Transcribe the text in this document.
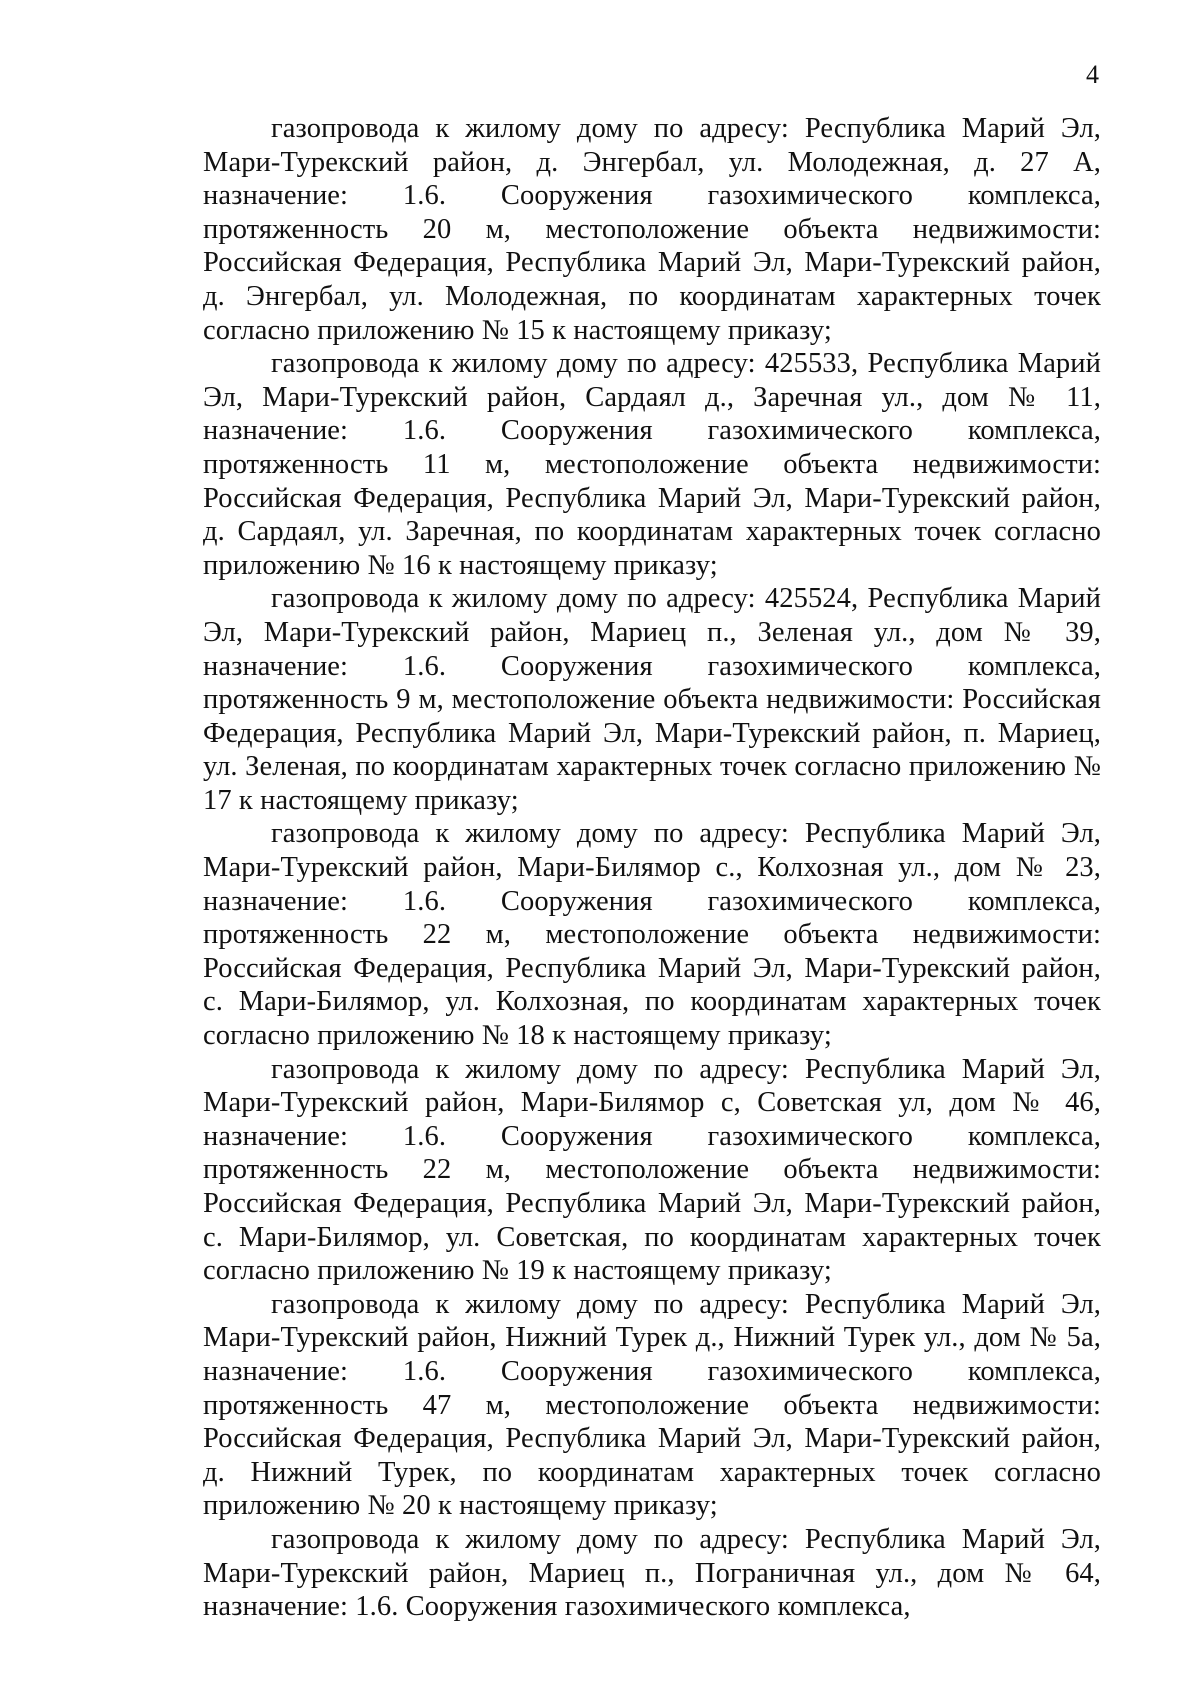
4

газопровода к жилому дому по адресу: Республика Марий Эл, Мари-Турекский район, д. Энгербал, ул. Молодежная, д. 27 А, назначение: 1.6. Сооружения газохимического комплекса, протяженность 20 м, местоположение объекта недвижимости: Российская Федерация, Республика Марий Эл, Мари-Турекский район, д. Энгербал, ул. Молодежная, по координатам характерных точек согласно приложению № 15 к настоящему приказу;

газопровода к жилому дому по адресу: 425533, Республика Марий Эл, Мари-Турекский район, Сардаял д., Заречная ул., дом № 11, назначение: 1.6. Сооружения газохимического комплекса, протяженность 11 м, местоположение объекта недвижимости: Российская Федерация, Республика Марий Эл, Мари-Турекский район, д. Сардаял, ул. Заречная, по координатам характерных точек согласно приложению № 16 к настоящему приказу;

газопровода к жилому дому по адресу: 425524, Республика Марий Эл, Мари-Турекский район, Мариец п., Зеленая ул., дом № 39, назначение: 1.6. Сооружения газохимического комплекса, протяженность 9 м, местоположение объекта недвижимости: Российская Федерация, Республика Марий Эл, Мари-Турекский район, п. Мариец, ул. Зеленая, по координатам характерных точек согласно приложению № 17 к настоящему приказу;

газопровода к жилому дому по адресу: Республика Марий Эл, Мари-Турекский район, Мари-Билямор с., Колхозная ул., дом № 23, назначение: 1.6. Сооружения газохимического комплекса, протяженность 22 м, местоположение объекта недвижимости: Российская Федерация, Республика Марий Эл, Мари-Турекский район, с. Мари-Билямор, ул. Колхозная, по координатам характерных точек согласно приложению № 18 к настоящему приказу;

газопровода к жилому дому по адресу: Республика Марий Эл, Мари-Турекский район, Мари-Билямор с, Советская ул, дом № 46, назначение: 1.6. Сооружения газохимического комплекса, протяженность 22 м, местоположение объекта недвижимости: Российская Федерация, Республика Марий Эл, Мари-Турекский район, с. Мари-Билямор, ул. Советская, по координатам характерных точек согласно приложению № 19 к настоящему приказу;

газопровода к жилому дому по адресу: Республика Марий Эл, Мари-Турекский район, Нижний Турек д., Нижний Турек ул., дом № 5а, назначение: 1.6. Сооружения газохимического комплекса, протяженность 47 м, местоположение объекта недвижимости: Российская Федерация, Республика Марий Эл, Мари-Турекский район, д. Нижний Турек, по координатам характерных точек согласно приложению № 20 к настоящему приказу;

газопровода к жилому дому по адресу: Республика Марий Эл, Мари-Турекский район, Мариец п., Пограничная ул., дом № 64, назначение: 1.6. Сооружения газохимического комплекса,
